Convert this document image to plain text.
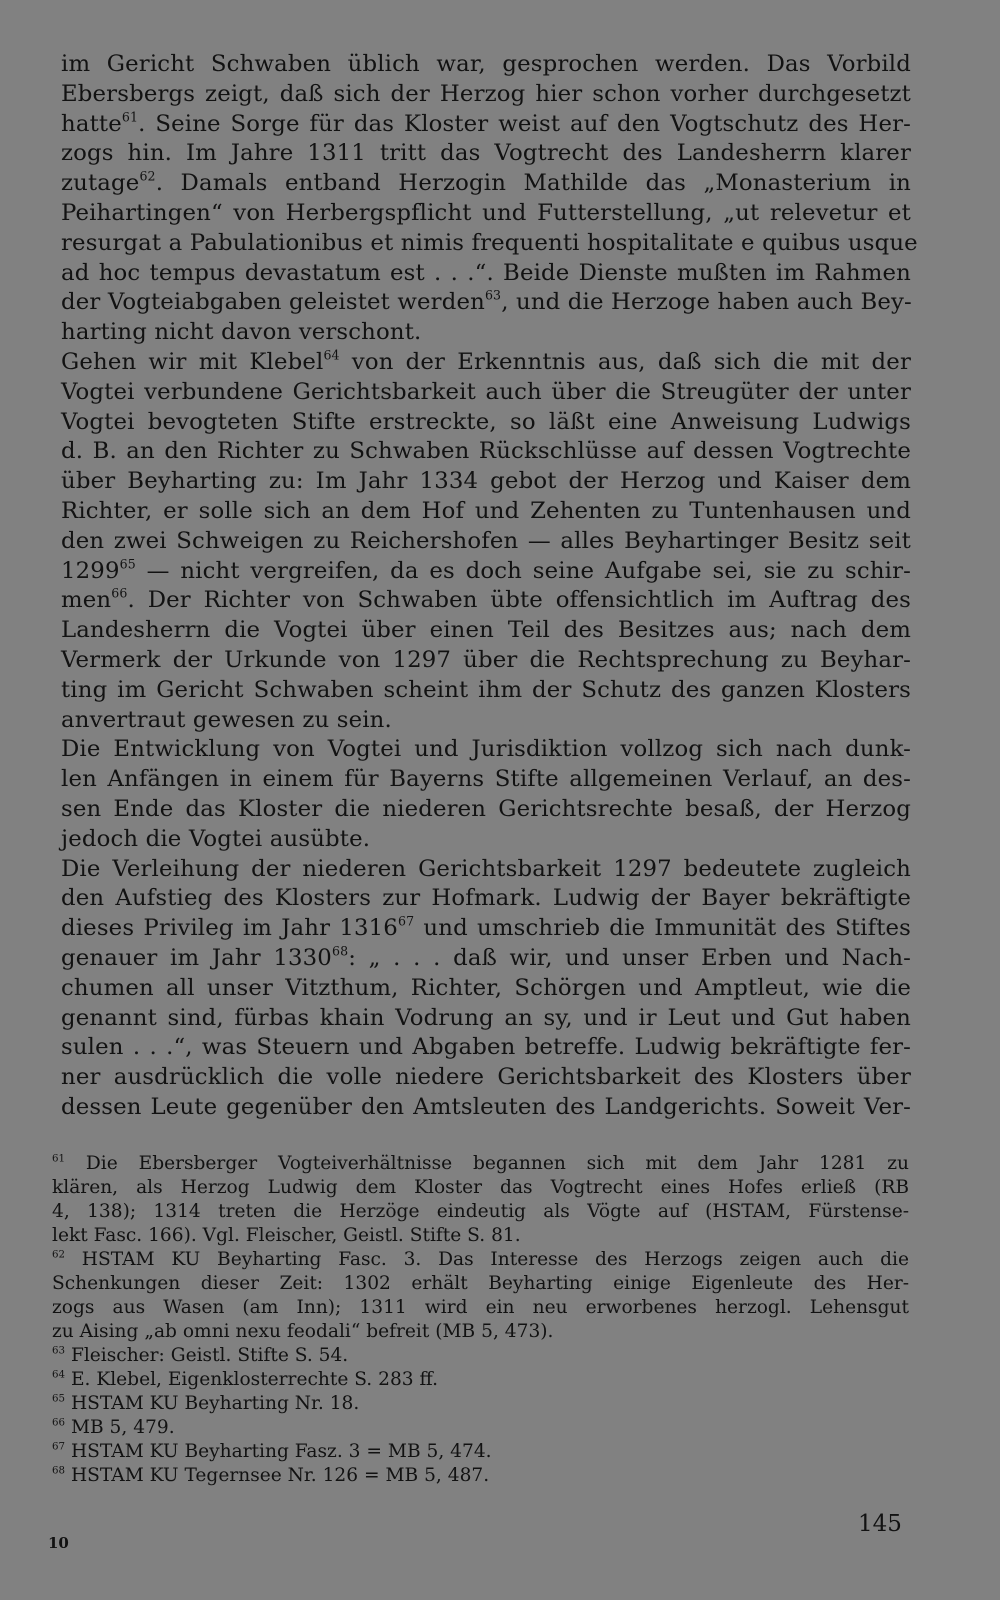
im Gericht Schwaben üblich war, gesprochen werden. Das Vorbild
Ebersbergs zeigt, daß sich der Herzog hier schon vorher durchgesetzt
hatte$^{61}$. Seine Sorge für das Kloster weist auf den Vogtschutz des Her-
zogs hin. Im Jahre 1311 tritt das Vogtrecht des Landesherrn klarer
zutage$^{62}$. Damals entband Herzogin Mathilde das „Monasterium in
Peihartingen“ von Herbergspflicht und Futterstellung, „ut relevetur et
resurgat a Pabulationibus et nimis frequenti hospitalitate e quibus usque
ad hoc tempus devastatum est . . .“. Beide Dienste mußten im Rahmen
der Vogteiabgaben geleistet werden$^{63}$, und die Herzoge haben auch Bey-
harting nicht davon verschont.
Gehen wir mit Klebel$^{64}$ von der Erkenntnis aus, daß sich die mit der
Vogtei verbundene Gerichtsbarkeit auch über die Streugüter der unter
Vogtei bevogteten Stifte erstreckte, so läßt eine Anweisung Ludwigs
d. B. an den Richter zu Schwaben Rückschlüsse auf dessen Vogtrechte
über Beyharting zu: Im Jahr 1334 gebot der Herzog und Kaiser dem
Richter, er solle sich an dem Hof und Zehenten zu Tuntenhausen und
den zwei Schweigen zu Reichershofen — alles Beyhartinger Besitz seit
1299$^{65}$ — nicht vergreifen, da es doch seine Aufgabe sei, sie zu schir-
men$^{66}$. Der Richter von Schwaben übte offensichtlich im Auftrag des
Landesherrn die Vogtei über einen Teil des Besitzes aus; nach dem
Vermerk der Urkunde von 1297 über die Rechtsprechung zu Beyhar-
ting im Gericht Schwaben scheint ihm der Schutz des ganzen Klosters
anvertraut gewesen zu sein.
Die Entwicklung von Vogtei und Jurisdiktion vollzog sich nach dunk-
len Anfängen in einem für Bayerns Stifte allgemeinen Verlauf, an des-
sen Ende das Kloster die niederen Gerichtsrechte besaß, der Herzog
jedoch die Vogtei ausübte.
Die Verleihung der niederen Gerichtsbarkeit 1297 bedeutete zugleich
den Aufstieg des Klosters zur Hofmark. Ludwig der Bayer bekräftigte
dieses Privileg im Jahr 1316$^{67}$ und umschrieb die Immunität des Stiftes
genauer im Jahr 1330$^{68}$: „ . . . daß wir, und unser Erben und Nach-
chumen all unser Vitzthum, Richter, Schörgen und Amptleut, wie die
genannt sind, fürbas khain Vodrung an sy, und ir Leut und Gut haben
sulen . . .“, was Steuern und Abgaben betreffe. Ludwig bekräftigte fer-
ner ausdrücklich die volle niedere Gerichtsbarkeit des Klosters über
dessen Leute gegenüber den Amtsleuten des Landgerichts. Soweit Ver-
$^{61}$ Die Ebersberger Vogteiverhältnisse begannen sich mit dem Jahr 1281 zu
klären, als Herzog Ludwig dem Kloster das Vogtrecht eines Hofes erließ (RB
4, 138); 1314 treten die Herzöge eindeutig als Vögte auf (HSTAM, Fürstense-
lekt Fasc. 166). Vgl. Fleischer, Geistl. Stifte S. 81.
$^{62}$ HSTAM KU Beyharting Fasc. 3. Das Interesse des Herzogs zeigen auch die
Schenkungen dieser Zeit: 1302 erhält Beyharting einige Eigenleute des Her-
zogs aus Wasen (am Inn); 1311 wird ein neu erworbenes herzogl. Lehensgut
zu Aising „ab omni nexu feodali“ befreit (MB 5, 473).
$^{63}$ Fleischer: Geistl. Stifte S. 54.
$^{64}$ E. Klebel, Eigenklosterrechte S. 283 ff.
$^{65}$ HSTAM KU Beyharting Nr. 18.
$^{66}$ MB 5, 479.
$^{67}$ HSTAM KU Beyharting Fasz. 3 = MB 5, 474.
$^{68}$ HSTAM KU Tegernsee Nr. 126 = MB 5, 487.
145
10
